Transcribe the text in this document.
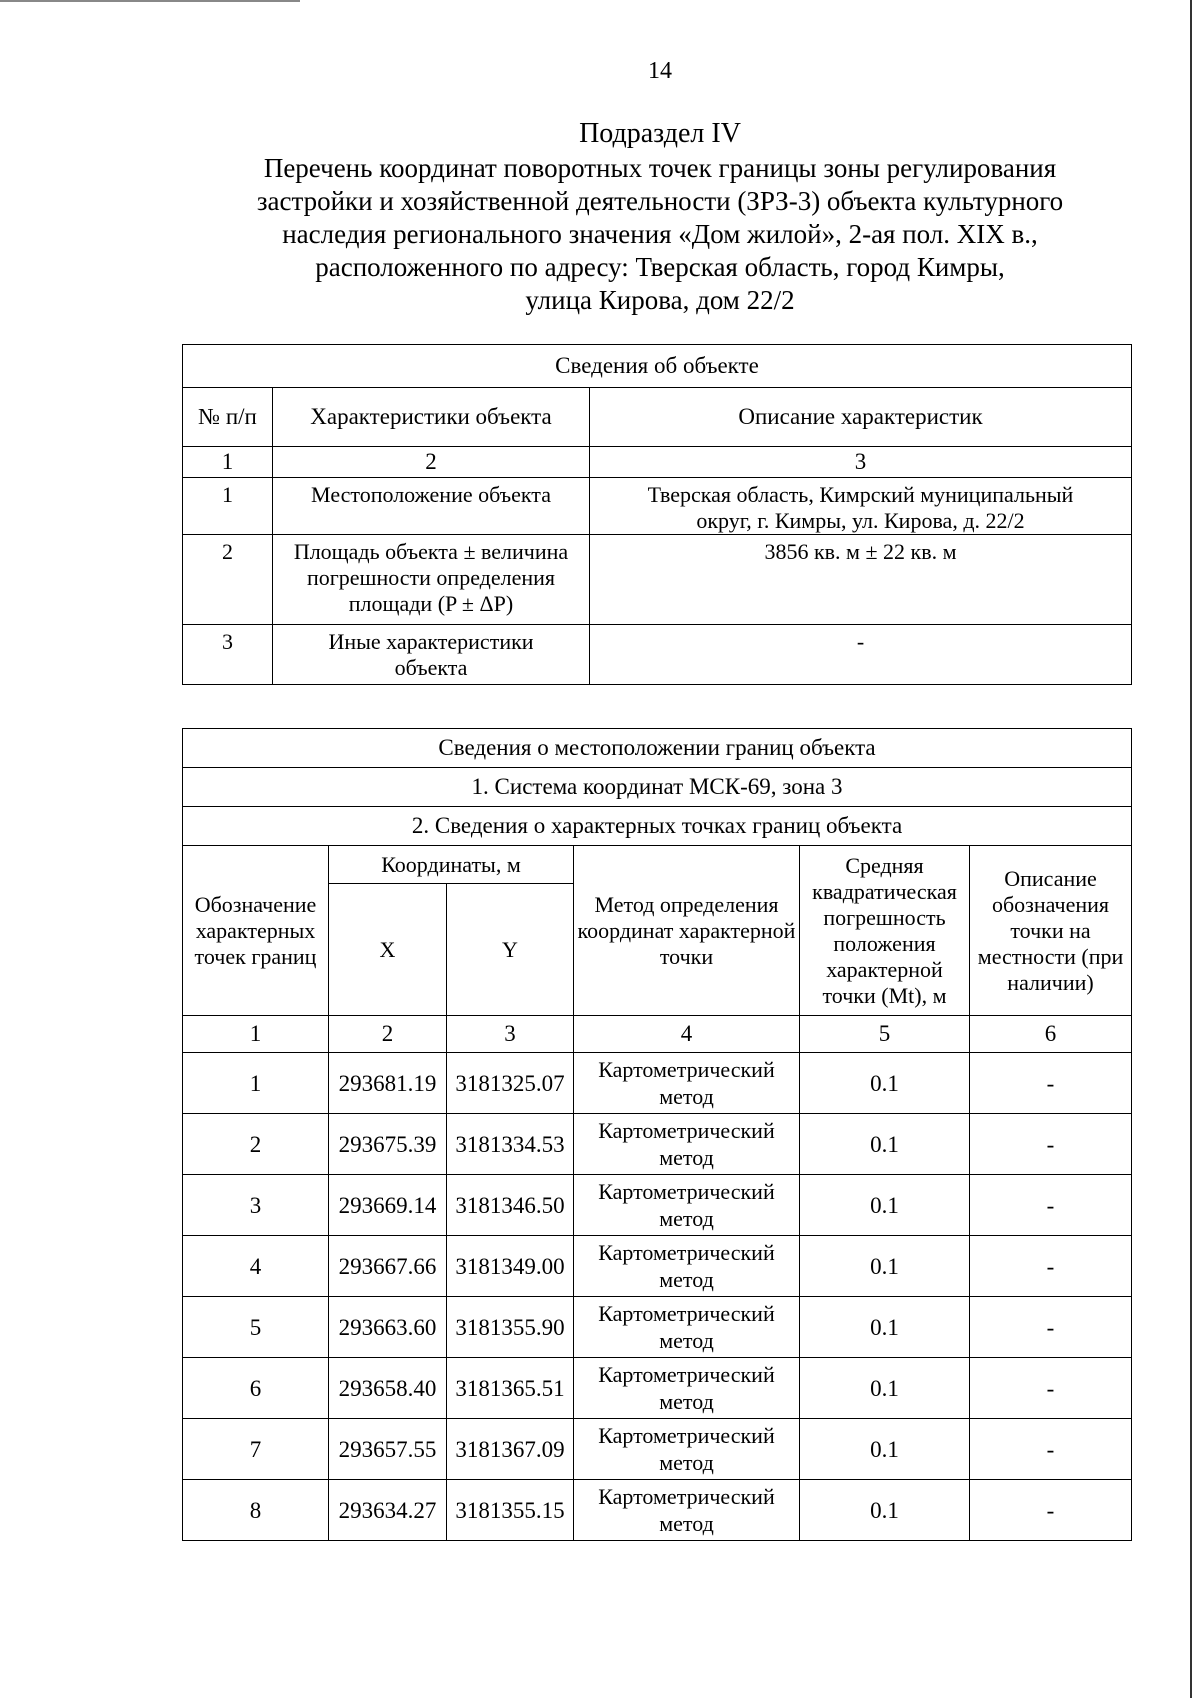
14
Подраздел IV
Перечень координат поворотных точек границы зоны регулирования
застройки и хозяйственной деятельности (ЗРЗ-3) объекта культурного
наследия регионального значения «Дом жилой», 2-ая пол. XIX в.,
расположенного по адресу: Тверская область, город Кимры,
улица Кирова, дом 22/2
Сведения об объекте		
№ п/п	Характеристики объекта	Описание характеристик
1	2	3
1	Местоположение объекта	Тверская область, Кимрский муниципальный округ, г. Кимры, ул. Кирова, д. 22/2
2	Площадь объекта ± величина погрешности определения площади (P ± ΔP)	3856 кв. м ± 22 кв. м
3	Иные характеристики объекта	-
Сведения о местоположении границ объекта					
1. Система координат МСК-69, зона 3					
2. Сведения о характерных точках границ объекта					
Обозначение характерных точек границ	Координаты, м		Метод определения координат характерной точки	Средняя квадратическая погрешность положения характерной точки (Mt), м	Описание обозначения точки на местности (при наличии)
	X	Y			
1	2	3	4	5	6
1	293681.19	3181325.07	Картометрический метод	0.1	-
2	293675.39	3181334.53	Картометрический метод	0.1	-
3	293669.14	3181346.50	Картометрический метод	0.1	-
4	293667.66	3181349.00	Картометрический метод	0.1	-
5	293663.60	3181355.90	Картометрический метод	0.1	-
6	293658.40	3181365.51	Картометрический метод	0.1	-
7	293657.55	3181367.09	Картометрический метод	0.1	-
8	293634.27	3181355.15	Картометрический метод	0.1	-
